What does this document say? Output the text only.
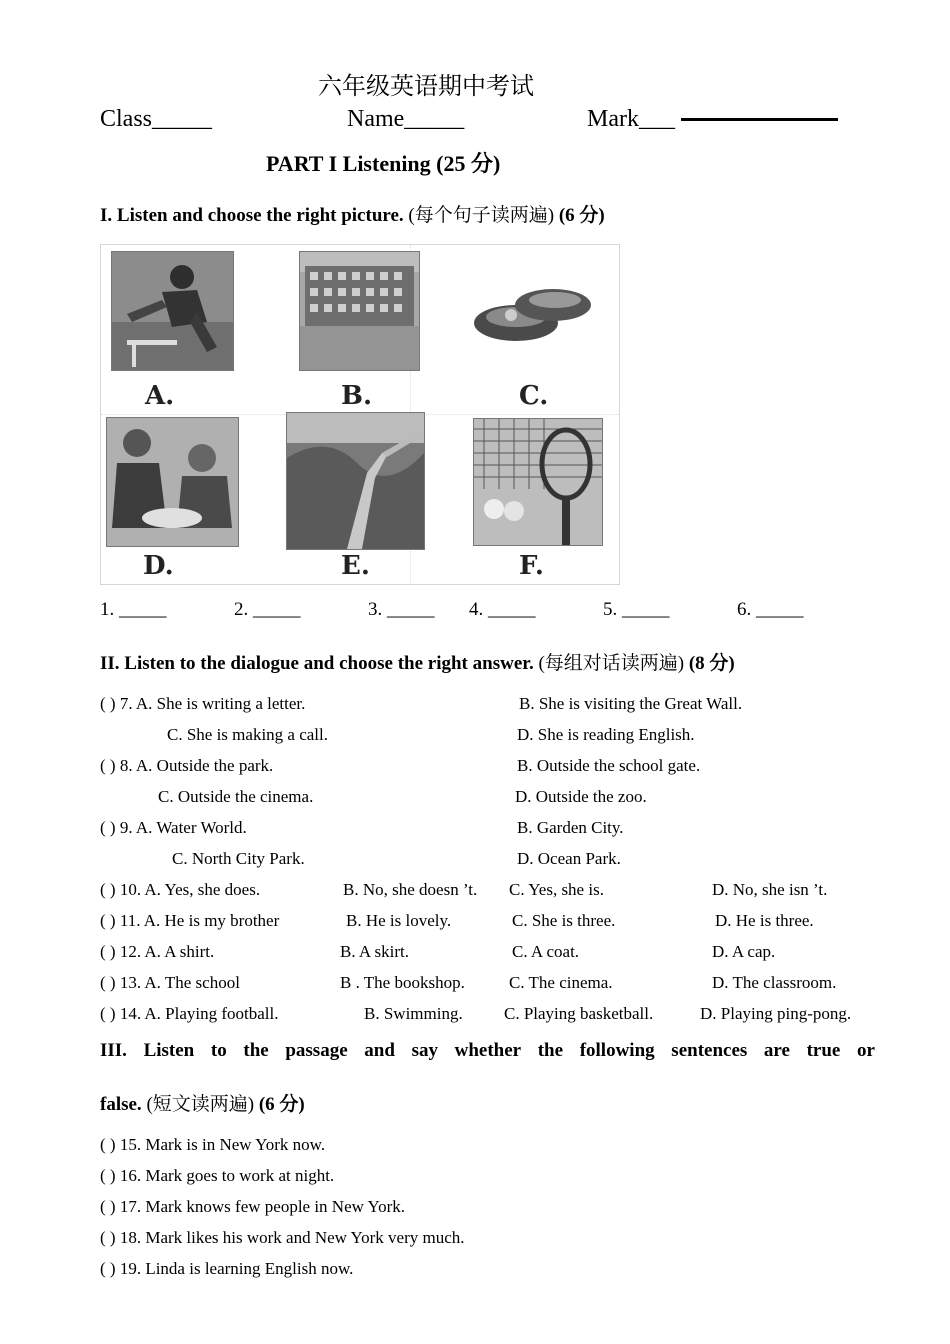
六年级英语期中考试
Class_____	Name_____	Mark___
PART I Listening (25 分)
I. Listen and choose the right picture. (每个句子读两遍) (6 分)
A.	B.	C.
D.	E.	F.
1. _____	2. _____	3. _____ 4. _____	5. _____	6. _____
II. Listen to the dialogue and choose the right answer. (每组对话读两遍) (8 分)
( ) 7. A. She is writing a letter.	B. She is visiting the Great Wall.
C. She is making a call.	D. She is reading English.
( ) 8. A. Outside the park.	B. Outside the school gate.
C. Outside the cinema.	D. Outside the zoo.
( ) 9. A. Water World.	B. Garden City.
C. North City Park.	D. Ocean Park.
( ) 10. A. Yes, she does.	B. No, she doesn ’t. C. Yes, she is.	D. No, she isn ’t.
( ) 11. A. He is my brother	B. He is lovely.	C. She is three.	D. He is three.
( ) 12. A. A shirt.	B. A skirt.	C. A coat.	D. A cap.
( ) 13. A. The school	B . The bookshop.	C. The cinema.	D. The classroom.
( ) 14. A. Playing football.	B. Swimming. C. Playing basketball.	D. Playing ping-pong.
III. Listen to the passage and say whether the following sentences are true or
false. (短文读两遍) (6 分)
( ) 15. Mark is in New York now.
( ) 16. Mark goes to work at night.
( ) 17. Mark knows few people in New York.
( ) 18. Mark likes his work and New York very much.
( ) 19. Linda is learning English now.
